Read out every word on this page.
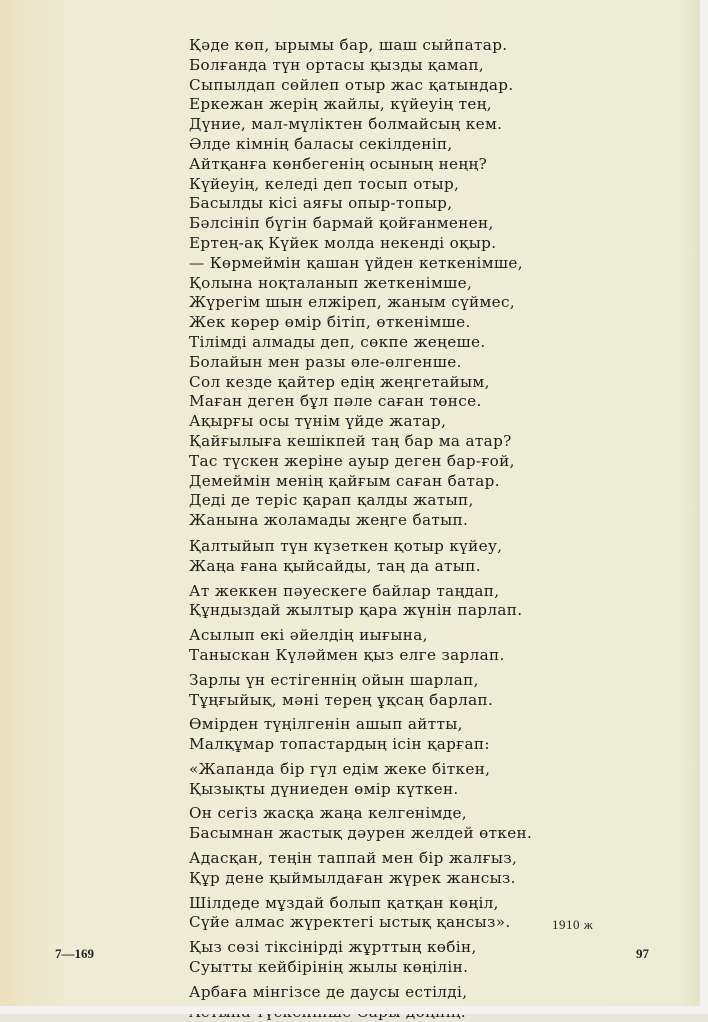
Қәде көп, ырымы бар, шаш сыйпатар.
Болғанда түн ортасы қызды қамап,
Сыпылдап сөйлеп отыр жас қатындар.
Еркежан жерің жайлы, күйеуің тең,
Дүние, мал-мүліктен болмайсың кем.
Әлде кімнің баласы секілденіп,
Айтқанға көнбегенің осының неңң?
Күйеуің, келеді деп тосып отыр,
Басылды кісі аяғы опыр-топыр,
Бәлсініп бүгін бармай қойғанменен,
Ертең-ақ Күйек молда некенді оқыр.
— Көрмеймін қашан үйден кеткенімше,
Қолына ноқталанып жеткенімше,
Жүрегім шын елжіреп, жаным сүймес,
Жек көрер өмір бітіп, өткенімше.
Тілімді алмады деп, сөкпе жеңеше.
Болайын мен разы өле-өлгенше.
Сол кезде қайтер едің жеңгетайым,
Маған деген бұл пәле саған төнсе.
Ақырғы осы түнім үйде жатар,
Қайғылыға кешікпей таң бар ма атар?
Тас түскен жеріне ауыр деген бар-ғой,
Демеймін менің қайғым саған батар.
Деді де теріс қарап қалды жатып,
Жанына жоламады жеңге батып.
Қалтыйып түн күзеткен қотыр күйеу,
Жаңа ғана қыйсайды, таң да атып.
Ат жеккен пәуескеге байлар таңдап,
Құндыздай жылтыр қара жүнін парлап.
Асылып екі әйелдің иығына,
Таныскан Күләймен қыз елге зарлап.
Зарлы үн естігеннің ойын шарлап,
Тұңғыйық, мәні терең ұқсаң барлап.
Өмірден түңілгенін ашып айтты,
Малқұмар топастардың ісін қарғап:
«Жапанда бір гүл едім жеке біткен,
Қызықты дүниеден өмір күткен.
Он сегіз жасқа жаңа келгенімде,
Басымнан жастық дәурен желдей өткен.
Адасқан, теңін таппай мен бір жалғыз,
Құр дене қыймылдаған жүрек жансыз.
Шілдеде мұздай болып қатқан көңіл,
Сүйе алмас жүректегі ыстық қансыз».
Қыз сөзі тіксінірді жұрттың көбін,
Суытты кейбірінің жылы көңілін.
Арбаға мінгізсе де даусы естілді,
1910 ж
7—169	97
